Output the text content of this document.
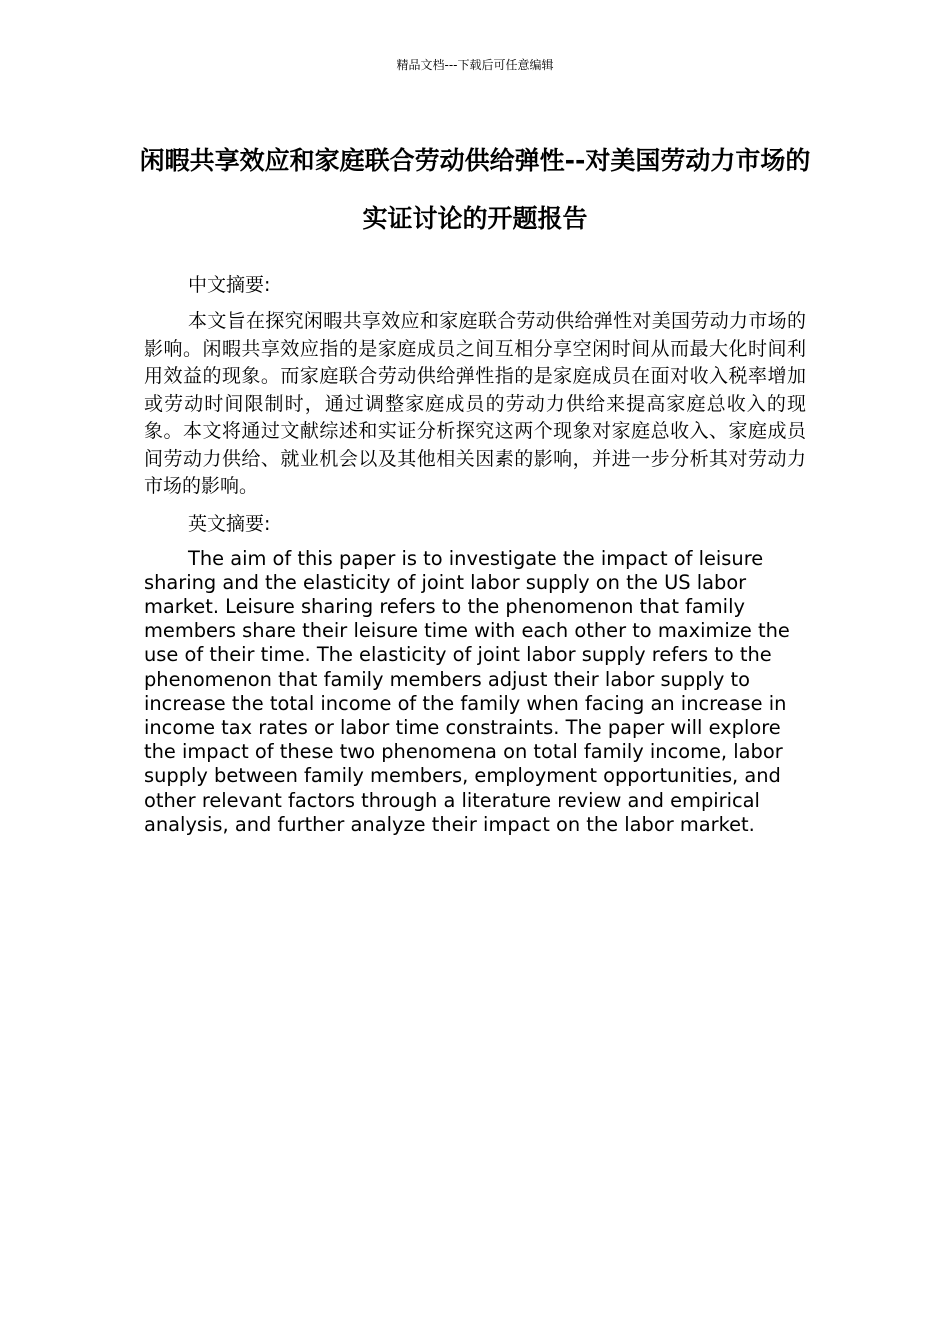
精品文档---下载后可任意编辑
闲暇共享效应和家庭联合劳动供给弹性--对美国劳动力市场的实证讨论的开题报告

中文摘要:

本文旨在探究闲暇共享效应和家庭联合劳动供给弹性对美国劳动力市场的影响。闲暇共享效应指的是家庭成员之间互相分享空闲时间从而最大化时间利用效益的现象。而家庭联合劳动供给弹性指的是家庭成员在面对收入税率增加或劳动时间限制时，通过调整家庭成员的劳动力供给来提高家庭总收入的现象。本文将通过文献综述和实证分析探究这两个现象对家庭总收入、家庭成员间劳动力供给、就业机会以及其他相关因素的影响，并进一步分析其对劳动力市场的影响。

英文摘要:

The aim of this paper is to investigate the impact of leisure sharing and the elasticity of joint labor supply on the US labor market. Leisure sharing refers to the phenomenon that family members share their leisure time with each other to maximize the use of their time. The elasticity of joint labor supply refers to the phenomenon that family members adjust their labor supply to increase the total income of the family when facing an increase in income tax rates or labor time constraints. The paper will explore the impact of these two phenomena on total family income, labor supply between family members, employment opportunities, and other relevant factors through a literature review and empirical analysis, and further analyze their impact on the labor market.
